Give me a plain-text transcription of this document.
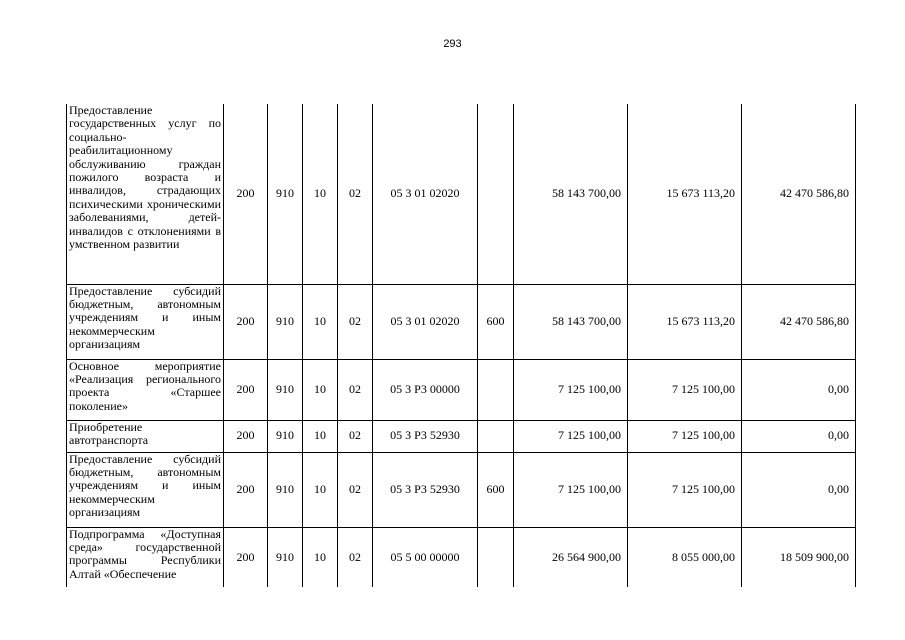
293
Предоставление государственных услуг по социально-реабилитационному обслуживанию граждан пожилого возраста и инвалидов, страдающих психическими хроническими заболеваниями, детей-инвалидов с отклонениями в умственном развитии	200	910	10	02	05 3 01 02020		58 143 700,00	15 673 113,20	42 470 586,80
Предоставление субсидий бюджетным, автономным учреждениям и иным некоммерческим организациям	200	910	10	02	05 3 01 02020	600	58 143 700,00	15 673 113,20	42 470 586,80
Основное мероприятие «Реализация регионального проекта «Старшее поколение»	200	910	10	02	05 3 P3 00000		7 125 100,00	7 125 100,00	0,00
Приобретение автотранспорта	200	910	10	02	05 3 P3 52930		7 125 100,00	7 125 100,00	0,00
Предоставление субсидий бюджетным, автономным учреждениям и иным некоммерческим организациям	200	910	10	02	05 3 P3 52930	600	7 125 100,00	7 125 100,00	0,00
Подпрограмма «Доступная среда» государственной программы Республики Алтай «Обеспечение	200	910	10	02	05 5 00 00000		26 564 900,00	8 055 000,00	18 509 900,00
